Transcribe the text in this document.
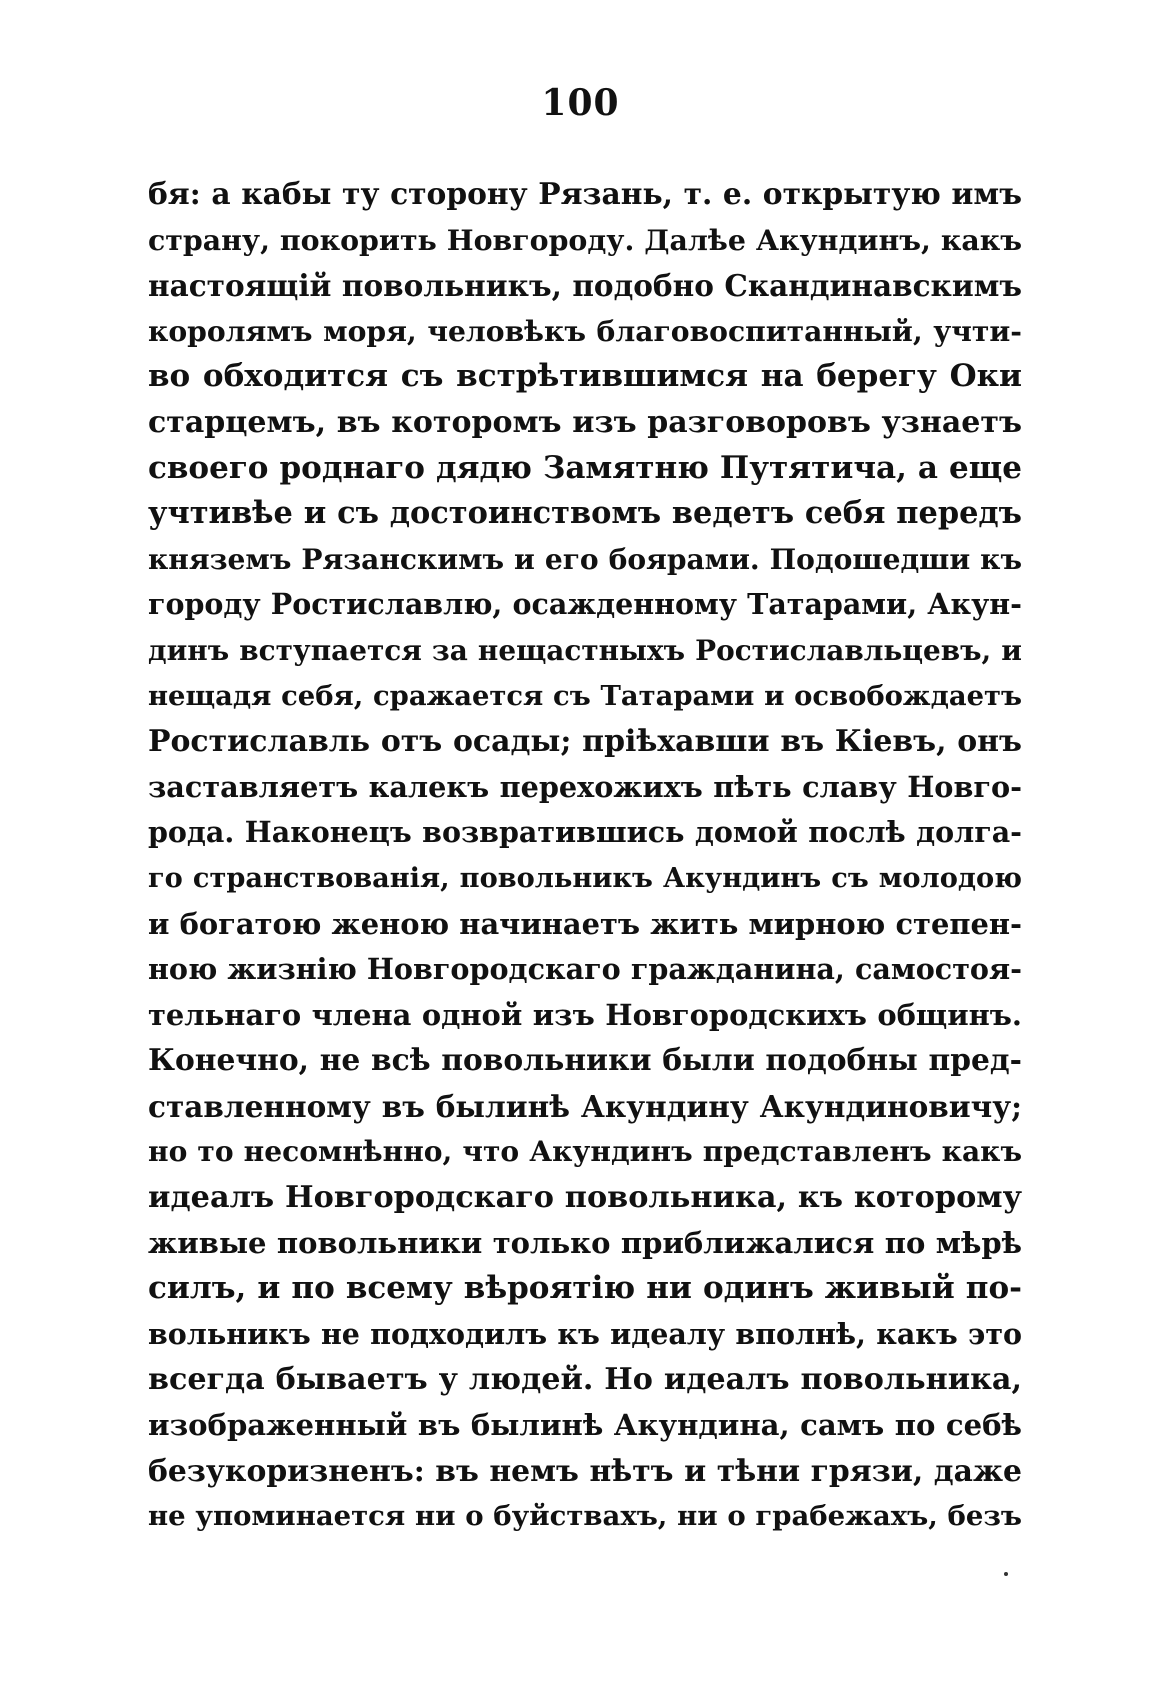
100
бя: а кабы ту сторону Рязань, т. е. открытую имъ
страну, покорить Новгороду. Далѣе Акундинъ, какъ
настоящій повольникъ, подобно Скандинавскимъ
королямъ моря, человѣкъ благовоспитанный, учти-
во обходится съ встрѣтившимся на берегу Оки
старцемъ, въ которомъ изъ разговоровъ узнаетъ
своего роднаго дядю Замятню Путятича, а еще
учтивѣе и съ достоинствомъ ведетъ себя передъ
княземъ Рязанскимъ и его боярами. Подошедши къ
городу Ростиславлю, осажденному Татарами, Акун-
динъ вступается за нещастныхъ Ростиславльцевъ, и
нещадя себя, сражается съ Татарами и освобождаетъ
Ростиславль отъ осады; пріѣхавши въ Кіевъ, онъ
заставляетъ калекъ перехожихъ пѣть славу Новго-
рода. Наконецъ возвратившись домой послѣ долга-
го странствованія, повольникъ Акундинъ съ молодою
и богатою женою начинаетъ жить мирною степен-
ною жизнію Новгородскаго гражданина, самостоя-
тельнаго члена одной изъ Новгородскихъ общинъ.
Конечно, не всѣ повольники были подобны пред-
ставленному въ былинѣ Акундину Акундиновичу;
но то несомнѣнно, что Акундинъ представленъ какъ
идеалъ Новгородскаго повольника, къ которому
живые повольники только приближалися по мѣрѣ
силъ, и по всему вѣроятію ни одинъ живый по-
вольникъ не подходилъ къ идеалу вполнѣ, какъ это
всегда бываетъ у людей. Но идеалъ повольника,
изображенный въ былинѣ Акундина, самъ по себѣ
безукоризненъ: въ немъ нѣтъ и тѣни грязи, даже
не упоминается ни о буйствахъ, ни о грабежахъ, безъ
